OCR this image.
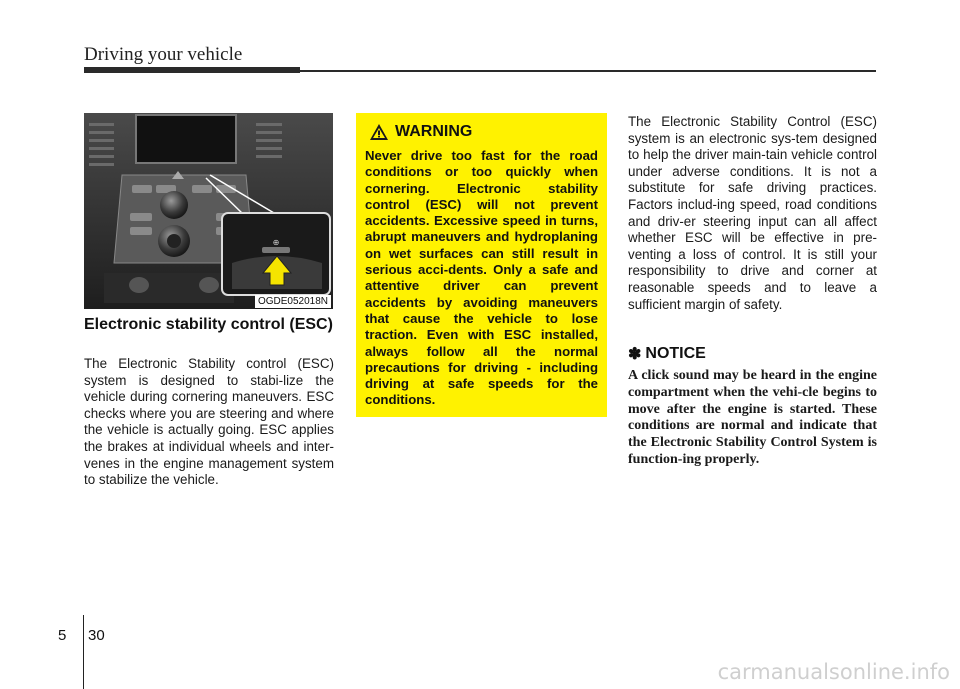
Driving your vehicle
⊕
OGDE052018N
Electronic stability control (ESC)
The Electronic Stability control (ESC) system is designed to stabi-lize the vehicle during cornering maneuvers. ESC checks where you are steering and where the vehicle is actually going. ESC applies the brakes at individual wheels and inter-venes in the engine management system to stabilize the vehicle.
WARNING
Never drive too fast for the road conditions or too quickly when cornering. Electronic stability control (ESC) will not prevent accidents. Excessive speed in turns, abrupt maneuvers and hydroplaning on wet surfaces can still result in serious acci-dents. Only a safe and attentive driver can prevent accidents by avoiding maneuvers that cause the vehicle to lose traction. Even with ESC installed, always follow all the normal precautions for driving - including driving at safe speeds for the conditions.
The Electronic Stability Control (ESC) system is an electronic sys-tem designed to help the driver main-tain vehicle control under adverse conditions. It is not a substitute for safe driving practices. Factors includ-ing speed, road conditions and driv-er steering input can all affect whether ESC will be effective in pre-venting a loss of control. It is still your responsibility to drive and corner at reasonable speeds and to leave a sufficient margin of safety.
✽ NOTICE
A click sound may be heard in the engine compartment when the vehi-cle begins to move after the engine is started. These conditions are normal and indicate that the Electronic Stability Control System is function-ing properly.
5 30
carmanualsonline.info
